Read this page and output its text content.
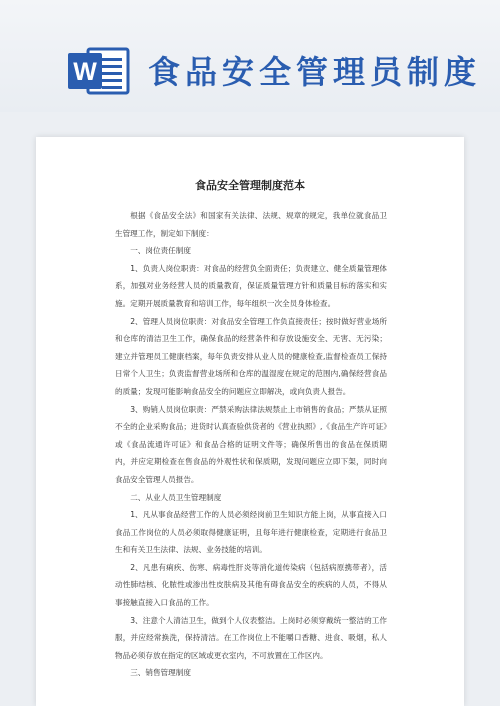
W 食品安全管理员制度
食品安全管理制度范本

根据《食品安全法》和国家有关法律、法规、规章的规定，我单位就食品卫生管理工作，制定如下制度：

一、岗位责任制度

1、负责人岗位职责：对食品的经营负全面责任；负责建立、健全质量管理体系，加强对业务经营人员的质量教育，保证质量管理方针和质量目标的落实和实施。定期开展质量教育和培训工作，每年组织一次全员身体检查。

2、管理人员岗位职责：对食品安全管理工作负直接责任；按时做好营业场所和仓库的清洁卫生工作，确保食品的经营条件和存放设施安全、无害、无污染；建立并管理员工健康档案，每年负责安排从业人员的健康检查,监督检查员工保持日常个人卫生；负责监督营业场所和仓库的温湿度在规定的范围内,确保经营食品的质量；发现可能影响食品安全的问题应立即解决，或向负责人报告。

3、购销人员岗位职责：严禁采购法律法规禁止上市销售的食品；严禁从证照不全的企业采购食品；进货时认真查验供货者的《营业执照》,《食品生产许可证》或《食品流通许可证》和食品合格的证明文件等；确保所售出的食品在保质期内，并应定期检查在售食品的外观性状和保质期，发现问题应立即下架，同时向食品安全管理人员报告。

二、从业人员卫生管理制度

1、凡从事食品经营工作的人员必须经岗前卫生知识方能上岗，从事直接入口食品工作岗位的人员必须取得健康证明，且每年进行健康检查，定期进行食品卫生和有关卫生法律、法规、业务技能的培训。

2、凡患有痢疾、伤寒、病毒性肝炎等消化道传染病（包括病原携带者），活动性肺结核、化脓性或渗出性皮肤病及其他有碍食品安全的疾病的人员，不得从事接触直接入口食品的工作。

3、注意个人清洁卫生，做到个人仪表整洁。上岗时必须穿戴统一整洁的工作服，并应经常换洗，保持清洁。在工作岗位上不能嚼口香糖、进食、吸烟，私人物品必须存放在指定的区域或更衣室内，不可放置在工作区内。

三、销售管理制度
